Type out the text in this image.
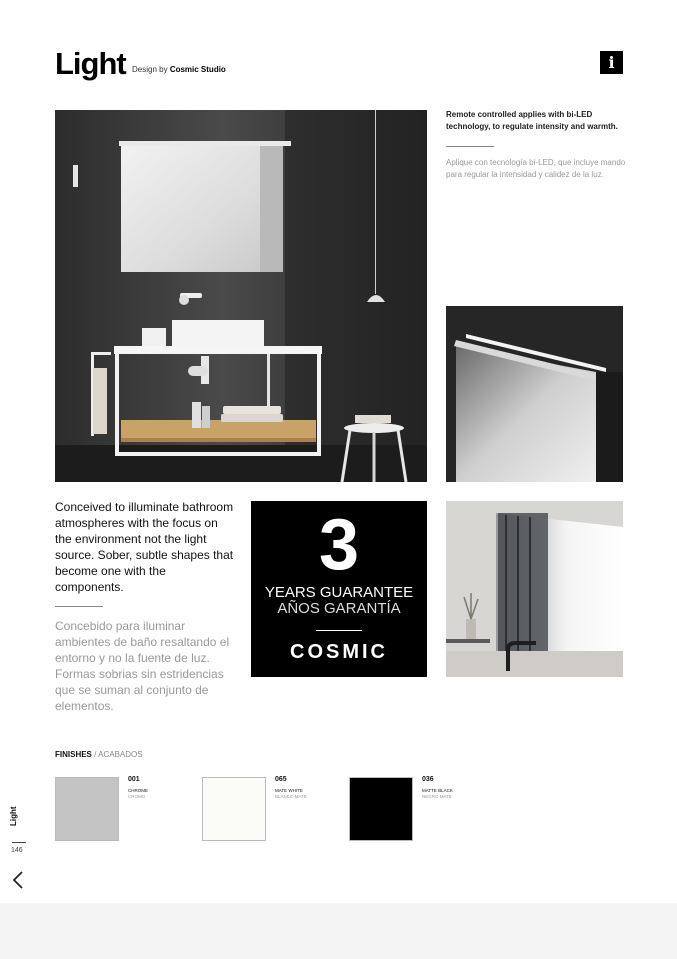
Light Design by Cosmic Studio	i
Remote controlled applies with bi-LED technology, to regulate intensity and warmth.
Aplique con tecnología bi-LED, que incluye mando para regular la intensidad y calidez de la luz.
Conceived to illuminate bathroom atmospheres with the focus on the environment not the light source. Sober, subtle shapes that become one with the components.
Concebido para iluminar ambientes de baño resaltando el entorno y no la fuente de luz. Formas sobrias sin estridencias que se suman al conjunto de elementos.
3
YEARS GUARANTEE
AÑOS GARANTÍA
COSMIC
FINISHES / ACABADOS
001
CHROME
CROMO
065
MATE WHITE
BLANCO MATE
036
MATTE BLACK
NEGRO MATE
Light
146
